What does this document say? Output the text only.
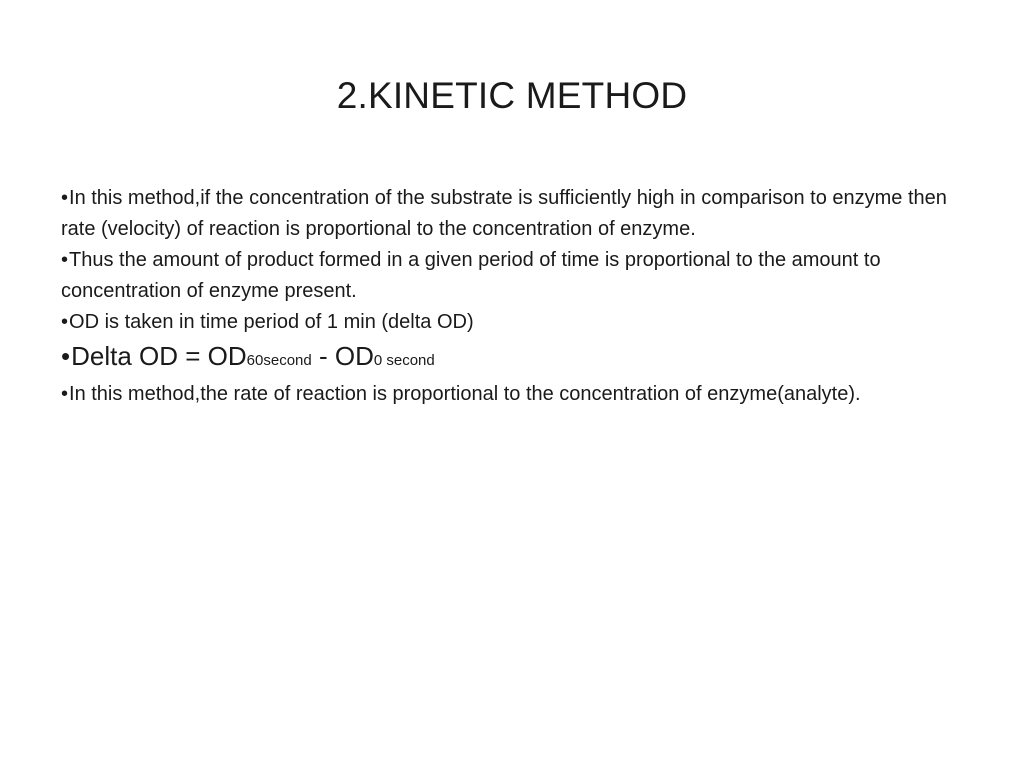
2.KINETIC METHOD

•In this method,if the concentration of the substrate is sufficiently high in comparison to enzyme then rate (velocity) of reaction is proportional to the concentration of enzyme.

•Thus the amount of product formed in a given period of time is proportional to the amount to concentration of enzyme present.

•OD is taken in time period of 1 min (delta OD)

•Delta OD = OD60second - OD0 second

•In this method,the rate of reaction is proportional to the concentration of enzyme(analyte).
